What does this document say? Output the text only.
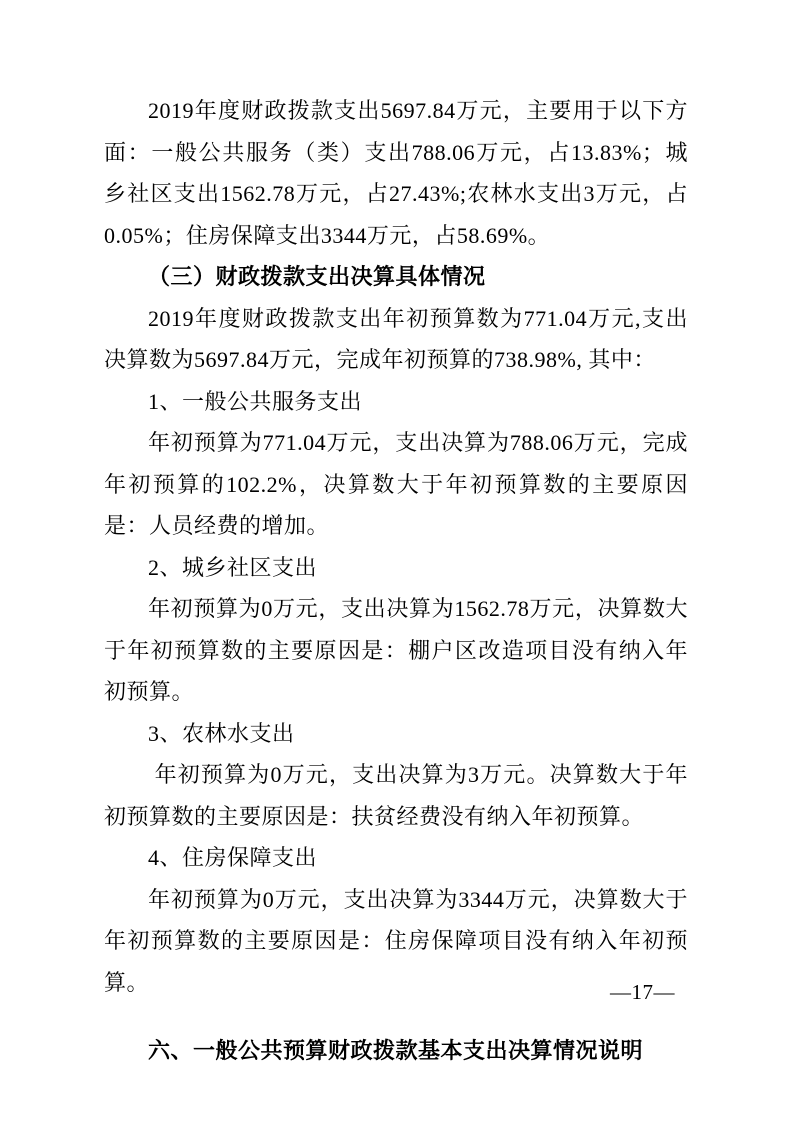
2019年度财政拨款支出5697.84万元，主要用于以下方面：一般公共服务（类）支出788.06万元，占13.83%；城乡社区支出1562.78万元，占27.43%;农林水支出3万元，占0.05%；住房保障支出3344万元，占58.69%。

（三）财政拨款支出决算具体情况

2019年度财政拨款支出年初预算数为771.04万元,支出决算数为5697.84万元，完成年初预算的738.98%, 其中：

1、一般公共服务支出

年初预算为771.04万元，支出决算为788.06万元，完成年初预算的102.2%，决算数大于年初预算数的主要原因是：人员经费的增加。

2、城乡社区支出

年初预算为0万元，支出决算为1562.78万元，决算数大于年初预算数的主要原因是：棚户区改造项目没有纳入年初预算。

3、农林水支出

年初预算为0万元，支出决算为3万元。决算数大于年初预算数的主要原因是：扶贫经费没有纳入年初预算。

4、住房保障支出

年初预算为0万元，支出决算为3344万元，决算数大于年初预算数的主要原因是：住房保障项目没有纳入年初预算。

六、一般公共预算财政拨款基本支出决算情况说明

—17—
